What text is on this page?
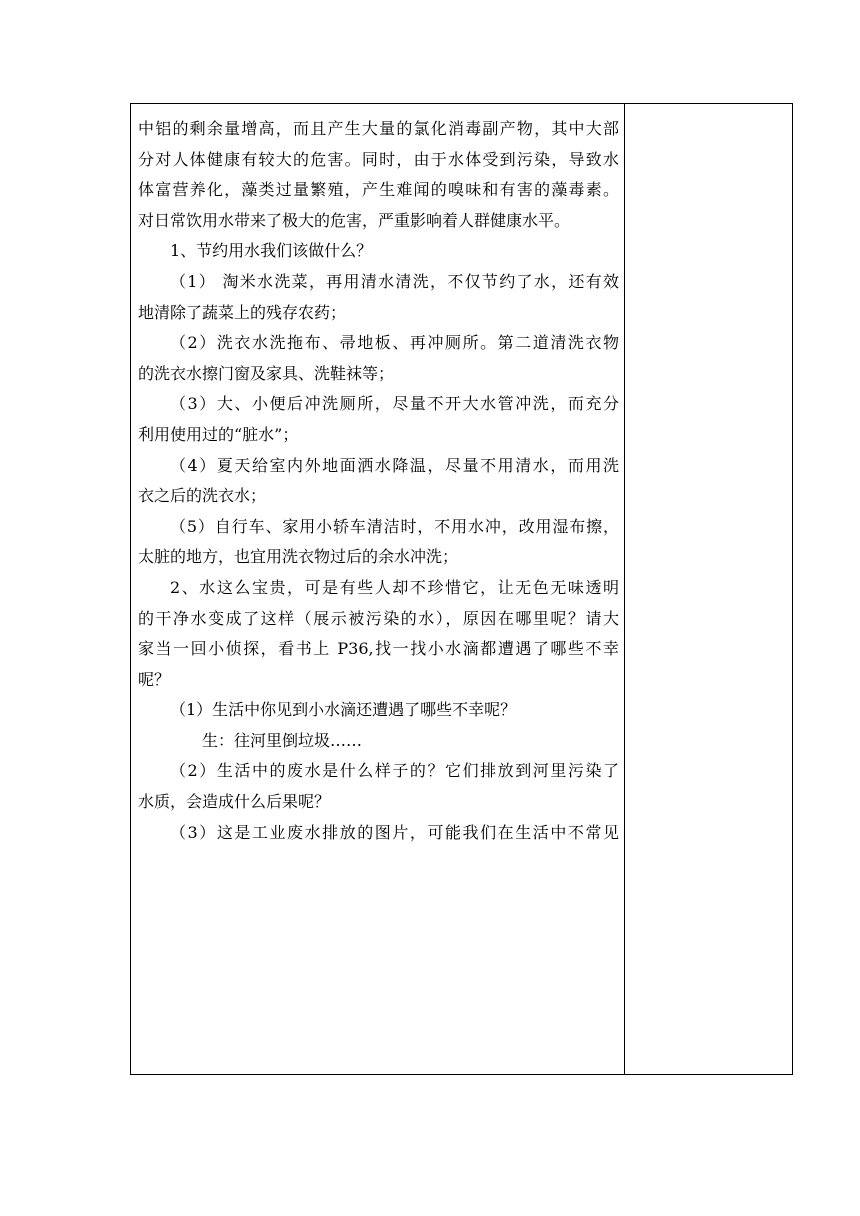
中铝的剩余量增高，而且产生大量的氯化消毒副产物，其中大部
分对人体健康有较大的危害。同时，由于水体受到污染，导致水
体富营养化，藻类过量繁殖，产生难闻的嗅味和有害的藻毒素。
对日常饮用水带来了极大的危害，严重影响着人群健康水平。
1、节约用水我们该做什么？
（1） 淘米水洗菜，再用清水清洗，不仅节约了水，还有效
地清除了蔬菜上的残存农药；
（2）洗衣水洗拖布、帚地板、再冲厕所。第二道清洗衣物
的洗衣水擦门窗及家具、洗鞋袜等；
（3）大、小便后冲洗厕所，尽量不开大水管冲洗，而充分
利用使用过的“脏水”；
（4）夏天给室内外地面洒水降温，尽量不用清水，而用洗
衣之后的洗衣水；
（5）自行车、家用小轿车清洁时，不用水冲，改用湿布擦，
太脏的地方，也宜用洗衣物过后的余水冲洗；
2、水这么宝贵，可是有些人却不珍惜它，让无色无味透明
的干净水变成了这样（展示被污染的水），原因在哪里呢？请大
家当一回小侦探，看书上 P36,找一找小水滴都遭遇了哪些不幸
呢？
（1）生活中你见到小水滴还遭遇了哪些不幸呢？
生：往河里倒垃圾……
（2）生活中的废水是什么样子的？它们排放到河里污染了
水质，会造成什么后果呢？
（3）这是工业废水排放的图片，可能我们在生活中不常见
